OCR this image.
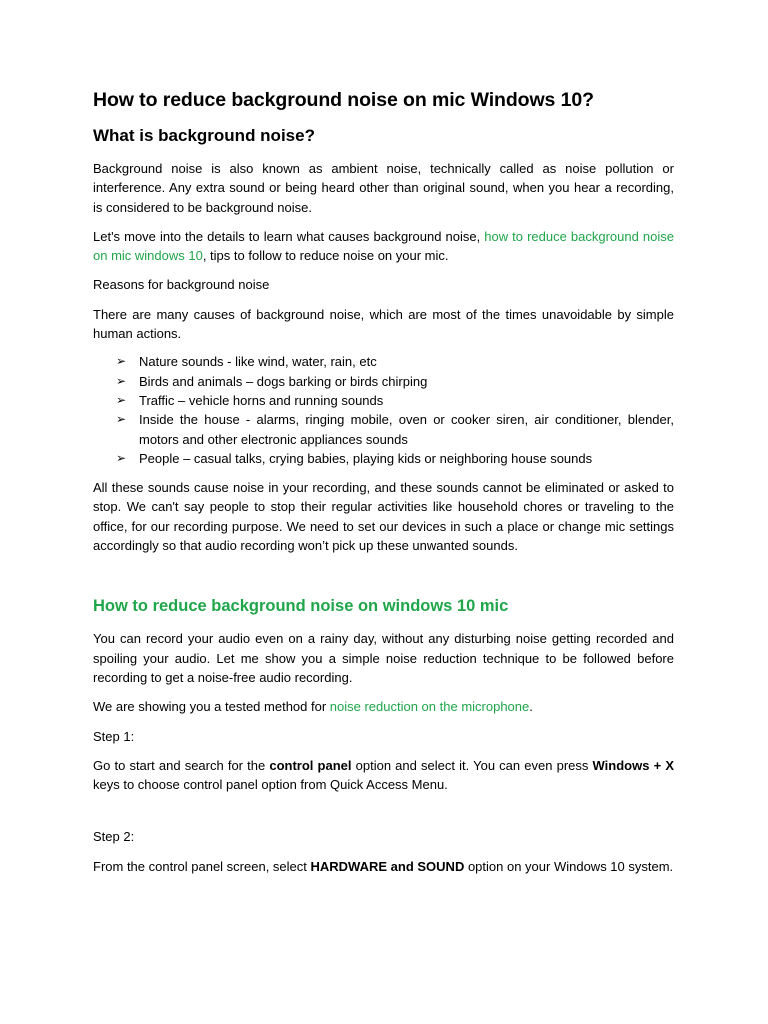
How to reduce background noise on mic Windows 10?
What is background noise?

Background noise is also known as ambient noise, technically called as noise pollution or interference. Any extra sound or being heard other than original sound, when you hear a recording, is considered to be background noise.

Let's move into the details to learn what causes background noise, how to reduce background noise on mic windows 10, tips to follow to reduce noise on your mic.

Reasons for background noise

There are many causes of background noise, which are most of the times unavoidable by simple human actions.

➢ Nature sounds - like wind, water, rain, etc
➢ Birds and animals – dogs barking or birds chirping
➢ Traffic – vehicle horns and running sounds
➢ Inside the house - alarms, ringing mobile, oven or cooker siren, air conditioner, blender, motors and other electronic appliances sounds
➢ People – casual talks, crying babies, playing kids or neighboring house sounds

All these sounds cause noise in your recording, and these sounds cannot be eliminated or asked to stop. We can't say people to stop their regular activities like household chores or traveling to the office, for our recording purpose. We need to set our devices in such a place or change mic settings accordingly so that audio recording won’t pick up these unwanted sounds.

How to reduce background noise on windows 10 mic

You can record your audio even on a rainy day, without any disturbing noise getting recorded and spoiling your audio. Let me show you a simple noise reduction technique to be followed before recording to get a noise-free audio recording.

We are showing you a tested method for noise reduction on the microphone.

Step 1:

Go to start and search for the control panel option and select it. You can even press Windows + X keys to choose control panel option from Quick Access Menu.

Step 2:

From the control panel screen, select HARDWARE and SOUND option on your Windows 10 system.
